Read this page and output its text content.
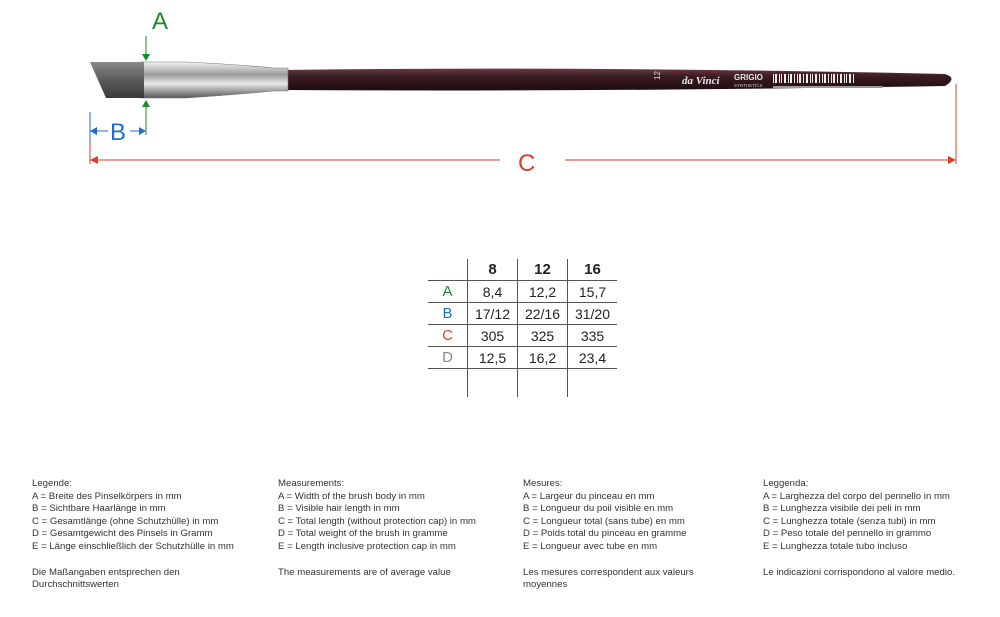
12 da Vinci GRIGIO
SYNTHETICS
A
B
C
	8	12	16
A	8,4	12,2	15,7
B	17/12	22/16	31/20
C	305	325	335
D	12,5	16,2	23,4

Legende:
A = Breite des Pinselkörpers in mm
B = Sichtbare Haarlänge in mm
C = Gesamtlänge (ohne Schutzhülle) in mm
D = Gesamtgewicht des Pinsels in Gramm
E = Länge einschließlich der Schutzhülle in mm
Die Maßangaben entsprechen den Durchschnittswerten
Measurements:
A = Width of the brush body in mm
B = Visible hair length in mm
C = Total length (without protection cap) in mm
D = Total weight of the brush in gramme
E = Length inclusive protection cap in mm
The measurements are of average value
Mesures:
A = Largeur du pinceau en mm
B = Longueur du poil visible en mm
C = Longueur total (sans tube) en mm
D = Poids total du pinceau en gramme
E = Longueur avec tube en mm
Les mesures correspondent aux valeurs moyennes
Leggenda:
A = Larghezza del corpo del pennello in mm
B = Lunghezza visibile dei peli in mm
C = Lunghezza totale (senza tubi) in mm
D = Peso totale del pennello in grammo
E = Lunghezza totale tubo incluso
Le indicazioni corrispondono al valore medio.
